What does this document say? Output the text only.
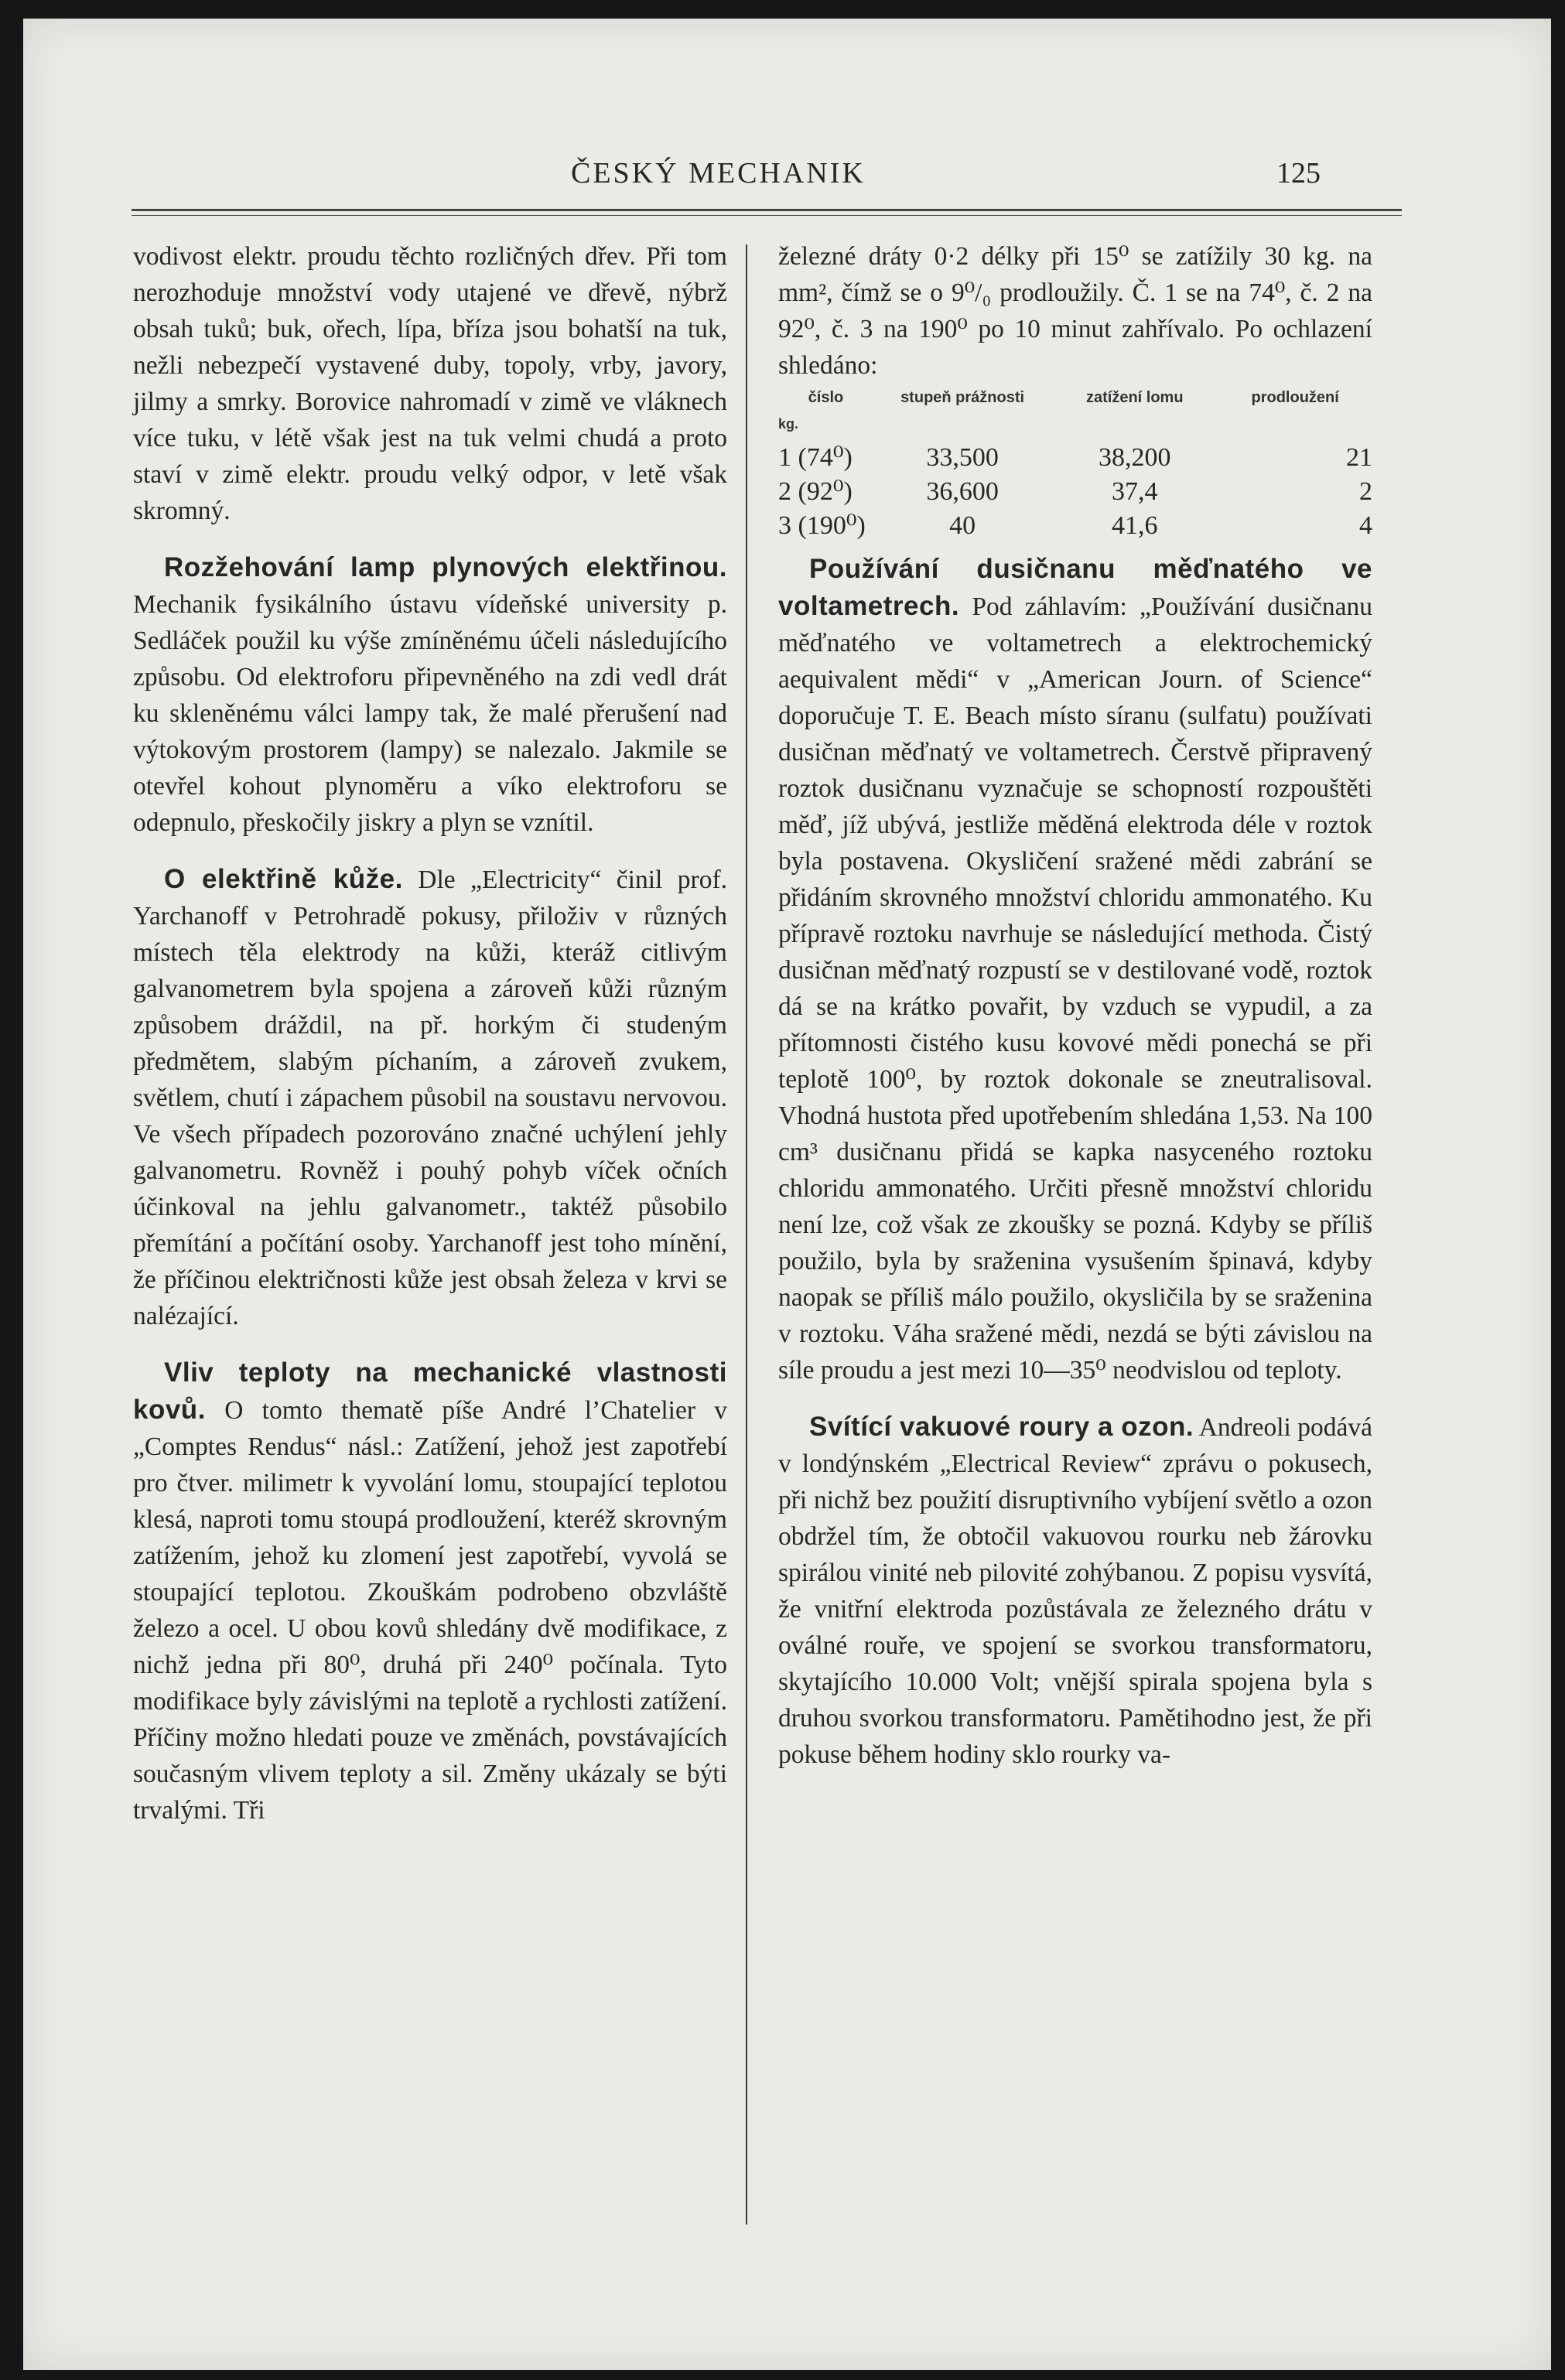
ČESKÝ MECHANIK	125

vodivost elektr. proudu těchto rozličných dřev. Při tom nerozhoduje množství vody utajené ve dřevě, nýbrž obsah tuků; buk, ořech, lípa, bříza jsou bohatší na tuk, nežli nebezpečí vystavené duby, topoly, vrby, javory, jilmy a smrky. Borovice nahromadí v zimě ve vláknech více tuku, v létě však jest na tuk velmi chudá a proto staví v zimě elektr. proudu velký odpor, v letě však skromný.

Rozžehování lamp plynových elektřinou. Mechanik fysikálního ústavu vídeňské university p. Sedláček použil ku výše zmíněnému účeli následujícího způsobu. Od elektroforu připevněného na zdi vedl drát ku skleněnému válci lampy tak, že malé přerušení nad výtokovým prostorem (lampy) se nalezalo. Jakmile se otevřel kohout plynoměru a víko elektroforu se odepnulo, přeskočily jiskry a plyn se vznítil.

O elektřině kůže. Dle „Electricity“ činil prof. Yarchanoff v Petrohradě pokusy, přiloživ v různých místech těla elektrody na kůži, kteráž citlivým galvanometrem byla spojena a zároveň kůži různým způsobem dráždil, na př. horkým či studeným předmětem, slabým píchaním, a zároveň zvukem, světlem, chutí i zápachem působil na soustavu nervovou. Ve všech případech pozorováno značné uchýlení jehly galvanometru. Rovněž i pouhý pohyb víček očních účinkoval na jehlu galvanometr., taktéž působilo přemítání a počítání osoby. Yarchanoff jest toho mínění, že příčinou električnosti kůže jest obsah železa v krvi se nalézající.

Vliv teploty na mechanické vlastnosti kovů. O tomto thematě píše André l’Chatelier v „Comptes Rendus“ násl.: Zatížení, jehož jest zapotřebí pro čtver. milimetr k vyvolání lomu, stoupající teplotou klesá, naproti tomu stoupá prodloužení, kteréž skrovným zatížením, jehož ku zlomení jest zapotřebí, vyvolá se stoupající teplotou. Zkouškám podrobeno obzvláště železo a ocel. U obou kovů shledány dvě modifikace, z nichž jedna při 80⁰, druhá při 240⁰ počínala. Tyto modifikace byly závislými na teplotě a rychlosti zatížení. Příčiny možno hledati pouze ve změnách, povstávajících současným vlivem teploty a sil. Změny ukázaly se býti trvalými. Tři

železné dráty 0·2 délky při 15⁰ se zatížily 30 kg. na mm², čímž se o 9⁰/₀ prodloužily. Č. 1 se na 74⁰, č. 2 na 92⁰, č. 3 na 190⁰ po 10 minut zahřívalo. Po ochlazení shledáno:

číslo	stupeň prážnosti	zatížení lomu	prodloužení
kg.			
1 (74⁰)	33,500	38,200	21
2 (92⁰)	36,600	37,4	2
3 (190⁰)	40	41,6	4

Používání dusičnanu měďnatého ve voltametrech. Pod záhlavím: „Používání dusičnanu měďnatého ve voltametrech a elektrochemický aequivalent mědi“ v „American Journ. of Science“ doporučuje T. E. Beach místo síranu (sulfatu) používati dusičnan měďnatý ve voltametrech. Čerstvě připravený roztok dusičnanu vyznačuje se schopností rozpouštěti měď, jíž ubývá, jestliže měděná elektroda déle v roztok byla postavena. Okysličení sražené mědi zabrání se přidáním skrovného množství chloridu ammonatého. Ku přípravě roztoku navrhuje se následující methoda. Čistý dusičnan měďnatý rozpustí se v destilované vodě, roztok dá se na krátko povařit, by vzduch se vypudil, a za přítomnosti čistého kusu kovové mědi ponechá se při teplotě 100⁰, by roztok dokonale se zneutralisoval. Vhodná hustota před upotřebením shledána 1,53. Na 100 cm³ dusičnanu přidá se kapka nasyceného roztoku chloridu ammonatého. Určiti přesně množství chloridu není lze, což však ze zkoušky se pozná. Kdyby se příliš použilo, byla by sraženina vysušením špinavá, kdyby naopak se příliš málo použilo, okysličila by se sraženina v roztoku. Váha sražené mědi, nezdá se býti závislou na síle proudu a jest mezi 10—35⁰ neodvislou od teploty.

Svítící vakuové roury a ozon. Andreoli podává v londýnském „Electrical Review“ zprávu o pokusech, při nichž bez použití disruptivního vybíjení světlo a ozon obdržel tím, že obtočil vakuovou rourku neb žárovku spirálou vinité neb pilovité zohýbanou. Z popisu vysvítá, že vnitřní elektroda pozůstávala ze železného drátu v oválné rouře, ve spojení se svorkou transformatoru, skytajícího 10.000 Volt; vnější spirala spojena byla s druhou svorkou transformatoru. Pamětihodno jest, že při pokuse během hodiny sklo rourky va-
